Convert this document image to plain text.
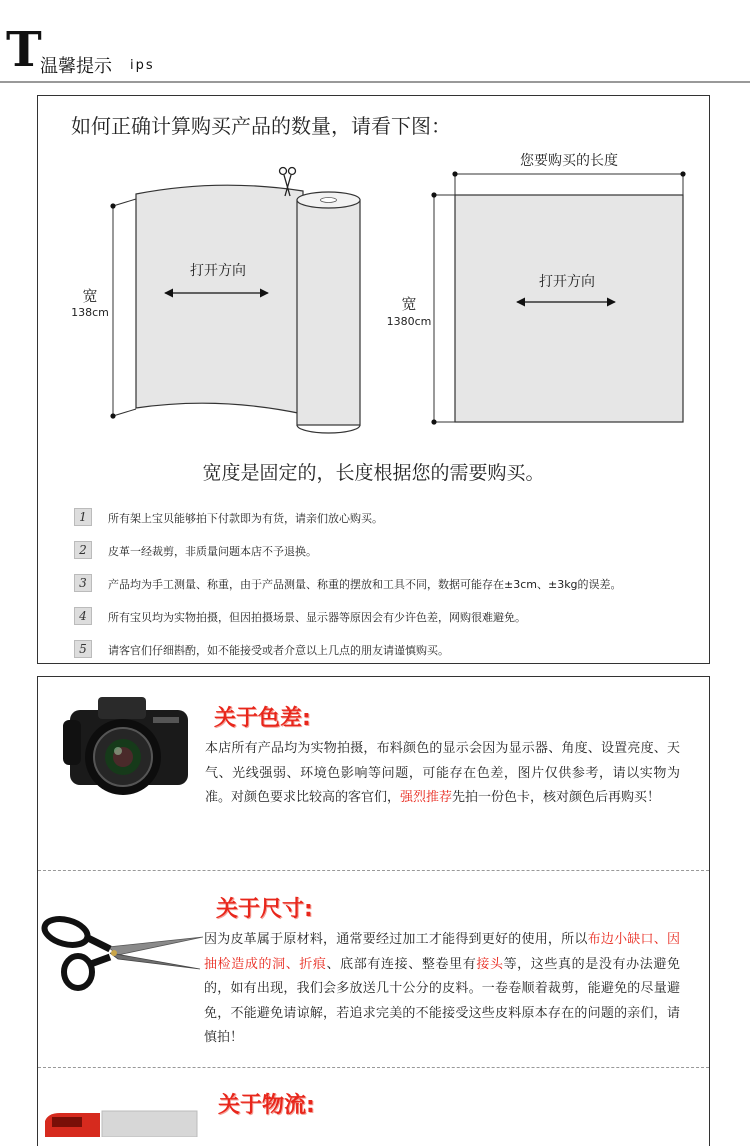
T
温馨提示 ips
如何正确计算购买产品的数量，请看下图：
打开方向
宽
138cm
您要购买的长度
打开方向
宽
1380cm
宽度是固定的，长度根据您的需要购买。
1	所有架上宝贝能够拍下付款即为有货，请亲们放心购买。
2	皮革一经裁剪，非质量问题本店不予退换。
3	产品均为手工测量、称重，由于产品测量、称重的摆放和工具不同，数据可能存在±3cm、±3kg的误差。
4	所有宝贝均为实物拍摄，但因拍摄场景、显示器等原因会有少许色差，网购很难避免。
5	请客官们仔细斟酌，如不能接受或者介意以上几点的朋友请谨慎购买。
关于色差:
本店所有产品均为实物拍摄，布料颜色的显示会因为显示器、角度、设置亮度、天气、光线强弱、环境色影响等问题，可能存在色差，图片仅供参考，请以实物为准。对颜色要求比较高的客官们，强烈推荐先拍一份色卡，核对颜色后再购买！
关于尺寸:
因为皮革属于原材料，通常要经过加工才能得到更好的使用，所以布边小缺口、因抽检造成的洞、折痕、底部有连接、整卷里有接头等，这些真的是没有办法避免的，如有出现，我们会多放送几十公分的皮料。一卷卷顺着裁剪，能避免的尽量避免，不能避免请谅解，若追求完美的不能接受这些皮料原本存在的问题的亲们，请慎拍！
关于物流:
